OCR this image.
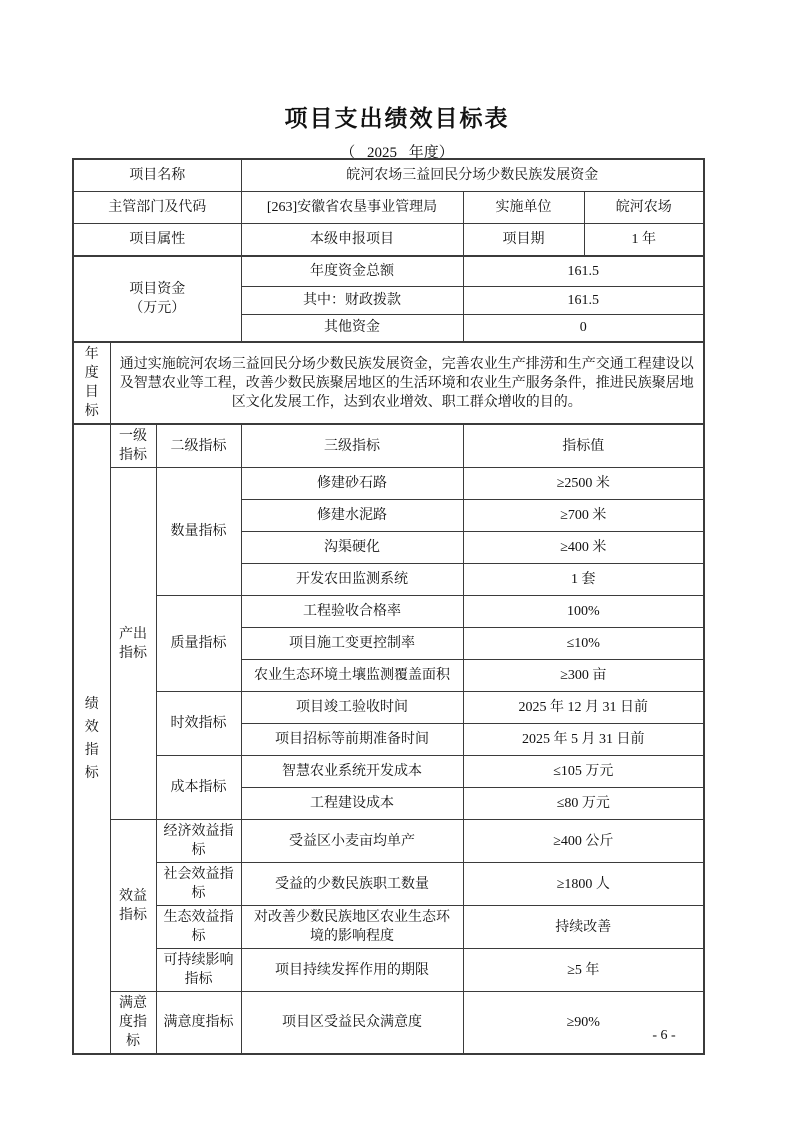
项目支出绩效目标表
（ 2025 年度）
项目名称			皖河农场三益回民分场少数民族发展资金		
主管部门及代码			[263]安徽省农垦事业管理局	实施单位	皖河农场
项目属性			本级申报项目	项目期	1 年

项目资金
（万元）			年度资金总额	161.5	
			其中：财政拨款	161.5	
			其他资金	0	
年度目标	通过实施皖河农场三益回民分场少数民族发展资金，完善农业生产排涝和生产交通工程建设以及智慧农业等工程，改善少数民族聚居地区的生活环境和农业生产服务条件，推进民族聚居地区文化发展工作，达到农业增效、职工群众增收的目的。				
绩效指标	一级指标	二级指标	三级指标	指标值	
	产出指标	数量指标	修建砂石路	≥2500 米	
			修建水泥路	≥700 米	
			沟渠硬化	≥400 米	
			开发农田监测系统	1 套	
		质量指标	工程验收合格率	100%	
			项目施工变更控制率	≤10%	
			农业生态环境土壤监测覆盖面积	≥300 亩	
		时效指标	项目竣工验收时间	2025 年 12 月 31 日前	
			项目招标等前期准备时间	2025 年 5 月 31 日前	
		成本指标	智慧农业系统开发成本	≤105 万元	
			工程建设成本	≤80 万元	
	效益指标	经济效益指标	受益区小麦亩均单产	≥400 公斤	
		社会效益指标	受益的少数民族职工数量	≥1800 人	
		生态效益指标	对改善少数民族地区农业生态环境的影响程度	持续改善	
		可持续影响指标	项目持续发挥作用的期限	≥5 年	
	满意度指标	满意度指标	项目区受益民众满意度	≥90%	
- 6 -
